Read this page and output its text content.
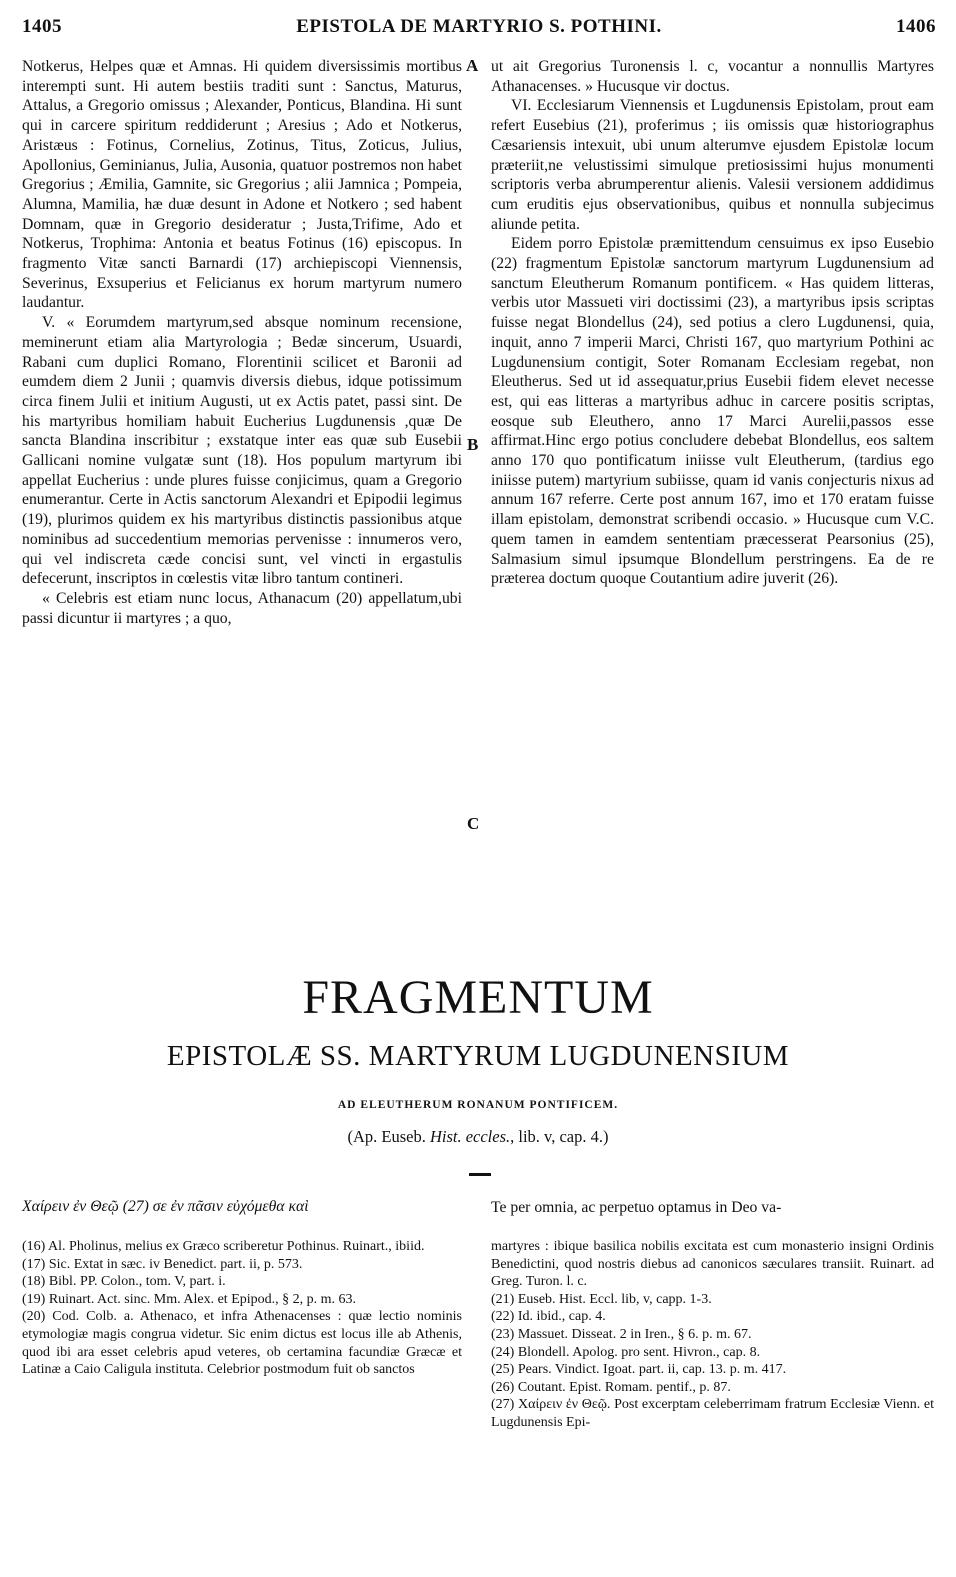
1405	EPISTOLA DE MARTYRIO S. POTHINI.	1406
A
B
C

Notkerus, Helpes quæ et Amnas. Hi quidem diversissimis mortibus interempti sunt. Hi autem bestiis traditi sunt : Sanctus, Maturus, Attalus, a Gregorio omissus ; Alexander, Ponticus, Blandina. Hi sunt qui in carcere spiritum reddiderunt ; Aresius ; Ado et Notkerus, Aristæus : Fotinus, Cornelius, Zotinus, Titus, Zoticus, Julius, Apollonius, Geminianus, Julia, Ausonia, quatuor postremos non habet Gregorius ; Æmilia, Gamnite, sic Gregorius ; alii Jamnica ; Pompeia, Alumna, Mamilia, hæ duæ desunt in Adone et Notkero ; sed habent Domnam, quæ in Gregorio desideratur ; Justa,Trifime, Ado et Notkerus, Trophima: Antonia et beatus Fotinus (16) episcopus. In fragmento Vitæ sancti Barnardi (17) archiepiscopi Viennensis, Severinus, Exsuperius et Felicianus ex horum martyrum numero laudantur.

V. « Eorumdem martyrum,sed absque nominum recensione, meminerunt etiam alia Martyrologia ; Bedæ sincerum, Usuardi, Rabani cum duplici Romano, Florentinii scilicet et Baronii ad eumdem diem 2 Junii ; quamvis diversis diebus, idque potissimum circa finem Julii et initium Augusti, ut ex Actis patet, passi sint. De his martyribus homiliam habuit Eucherius Lugdunensis ,quæ De sancta Blandina inscribitur ; exstatque inter eas quæ sub Eusebii Gallicani nomine vulgatæ sunt (18). Hos populum martyrum ibi appellat Eucherius : unde plures fuisse conjicimus, quam a Gregorio enumerantur. Certe in Actis sanctorum Alexandri et Epipodii legimus (19), plurimos quidem ex his martyribus distinctis passionibus atque nominibus ad succedentium memorias pervenisse : innumeros vero, qui vel indiscreta cæde concisi sunt, vel vincti in ergastulis defecerunt, inscriptos in cœlestis vitæ libro tantum contineri.

« Celebris est etiam nunc locus, Athanacum (20) appellatum,ubi passi dicuntur ii martyres ; a quo,

ut ait Gregorius Turonensis l. c, vocantur a nonnullis Martyres Athanacenses. » Hucusque vir doctus.

VI. Ecclesiarum Viennensis et Lugdunensis Epistolam, prout eam refert Eusebius (21), proferimus ; iis omissis quæ historiographus Cæsariensis intexuit, ubi unum alterumve ejusdem Epistolæ locum præteriit,ne velustissimi simulque pretiosissimi hujus monumenti scriptoris verba abrumperentur alienis. Valesii versionem addidimus cum eruditis ejus observationibus, quibus et nonnulla subjecimus aliunde petita.

Eidem porro Epistolæ præmittendum censuimus ex ipso Eusebio (22) fragmentum Epistolæ sanctorum martyrum Lugdunensium ad sanctum Eleutherum Romanum pontificem. « Has quidem litteras, verbis utor Massueti viri doctissimi (23), a martyribus ipsis scriptas fuisse negat Blondellus (24), sed potius a clero Lugdunensi, quia, inquit, anno 7 imperii Marci, Christi 167, quo martyrium Pothini ac Lugdunensium contigit, Soter Romanam Ecclesiam regebat, non Eleutherus. Sed ut id assequatur,prius Eusebii fidem elevet necesse est, qui eas litteras a martyribus adhuc in carcere positis scriptas, eosque sub Eleuthero, anno 17 Marci Aurelii,passos esse affirmat.Hinc ergo potius concludere debebat Blondellus, eos saltem anno 170 quo pontificatum iniisse vult Eleutherum, (tardius ego iniisse putem) martyrium subiisse, quam id vanis conjecturis nixus ad annum 167 referre. Certe post annum 167, imo et 170 eratam fuisse illam epistolam, demonstrat scribendi occasio. » Hucusque cum V.C. quem tamen in eamdem sententiam præcesserat Pearsonius (25), Salmasium simul ipsumque Blondellum perstringens. Ea de re præterea doctum quoque Coutantium adire juverit (26).

FRAGMENTUM
EPISTOLÆ SS. MARTYRUM LUGDUNENSIUM
AD ELEUTHERUM RONANUM PONTIFICEM.
(Ap. Euseb. Hist. eccles., lib. v, cap. 4.)
Χαίρειν ἐν Θεῷ (27) σε ἐν πᾶσιν εὐχόμεθα καὶ	Te per omnia, ac perpetuo optamus in Deo va-

(16) Al. Pholinus, melius ex Græco scriberetur Pothinus. Ruinart., ibiid.

(17) Sic. Extat in sæc. iv Benedict. part. ii, p. 573.

(18) Bibl. PP. Colon., tom. V, part. i.

(19) Ruinart. Act. sinc. Mm. Alex. et Epipod., § 2, p. m. 63.

(20) Cod. Colb. a. Athenaco, et infra Athenacenses : quæ lectio nominis etymologiæ magis congrua videtur. Sic enim dictus est locus ille ab Athenis, quod ibi ara esset celebris apud veteres, ob certamina facundiæ Græcæ et Latinæ a Caio Caligula instituta. Celebrior postmodum fuit ob sanctos

martyres : ibique basilica nobilis excitata est cum monasterio insigni Ordinis Benedictini, quod nostris diebus ad canonicos sæculares transiit. Ruinart. ad Greg. Turon. l. c.

(21) Euseb. Hist. Eccl. lib, v, capp. 1-3.

(22) Id. ibid., cap. 4.

(23) Massuet. Disseat. 2 in Iren., § 6. p. m. 67.

(24) Blondell. Apolog. pro sent. Hivron., cap. 8.

(25) Pears. Vindict. Igoat. part. ii, cap. 13. p. m. 417.

(26) Coutant. Epist. Romam. pentif., p. 87.

(27) Χαίρειν ἐν Θεῷ. Post excerptam celeberrimam fratrum Ecclesiæ Vienn. et Lugdunensis Epi-
